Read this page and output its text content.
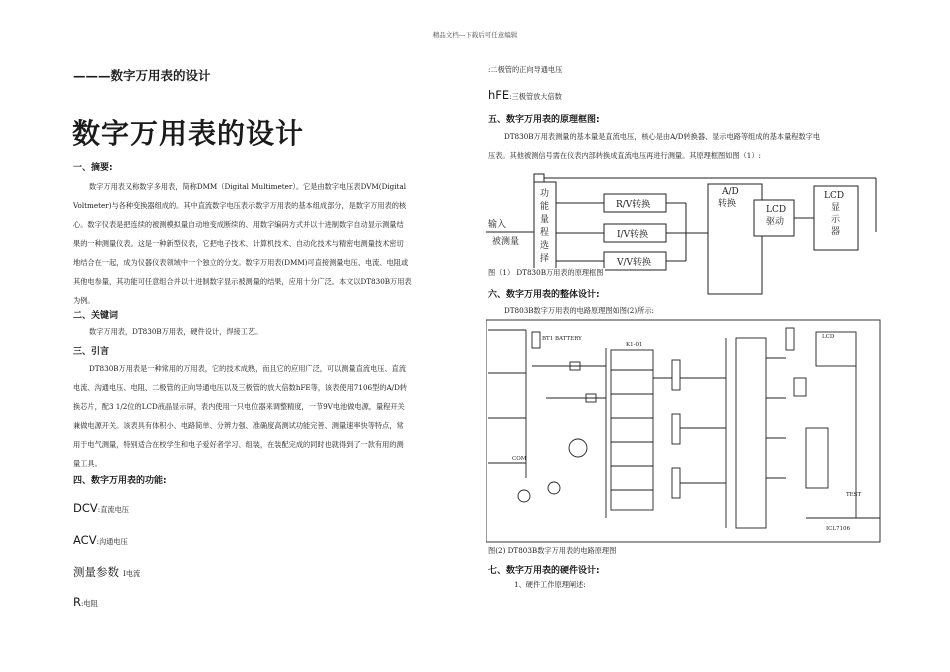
精品文档---下载后可任意编辑
———数字万用表的设计
数字万用表的设计
一、摘要:
数字万用表又称数字多用表，简称DMM（Digital Multimeter）。它是由数字电压表DVM(Digital
Voltmeter)与各种变换器组成的。其中直流数字电压表示数字万用表的基本组成部分，是数字万用表的核
心。数字仪表是把连续的被测模拟量自动地变成断续的、用数字编码方式并以十进制数字自动显示测量结
果的一种测量仪表。这是一种新型仪表，它把电子技术、计算机技术、自动化技术与精密电测量技术密切
地结合在一起，成为仪器仪表领域中一个独立的分支。数字万用表(DMM)可直接测量电压、电流、电阻或
其他电参量，其功能可任意组合并以十进制数字显示被测量的结果，应用十分广泛。本文以DT830B万用表
为例。
二、关键词
数字万用表，DT830B万用表，硬件设计，焊接工艺。
三、引言
DT830B万用表是一种常用的万用表，它的技术成熟，而且它的应用广泛，可以测量直流电压、直流
电流、沟通电压、电阻、二极管的正向导通电压以及三极管的放大倍数hFE等，该表使用7106型的A/D转
换芯片，配3 1/2位的LCD液晶显示屏，表内使用一只电位器来调整精度，一节9V电池做电源，量程开关
兼做电源开关。该表具有体积小、电路简单、分辨力强、准确度高测试功能完善、测量速率快等特点，常
用于电气测量，特别适合在校学生和电子爱好者学习、组装，在装配完成的同时也就得到了一款有用的测
量工具。
四、数字万用表的功能:
DCV:直流电压
ACV:沟通电压
测量参数 I电流
R:电阻
:二极管的正向导通电压
hFE:三极管放大倍数
五、数字万用表的原理框图:
DT830B万用表测量的基本量是直流电压，核心是由A/D转换器、显示电路等组成的基本量程数字电
压表。其他被测信号需在仪表内部转换成直流电压再进行测量。其原理框图如图（1）:
输入
被测量
功
能
量
程
选
择
R/V转换
I/V转换
V/V转换
A/D
转换
LCD
驱动
LCD
显
示
器
图（1） DT830B万用表的原理框图
六、数字万用表的整体设计:
DT803B数字万用表的电路原理图如图(2)所示:
BT1 BATTERY
K1-01
LCD
TEST
ICL7106
COM
图(2) DT803B数字万用表的电路原理图
七、数字万用表的硬件设计:
1、硬件工作原理阐述:
